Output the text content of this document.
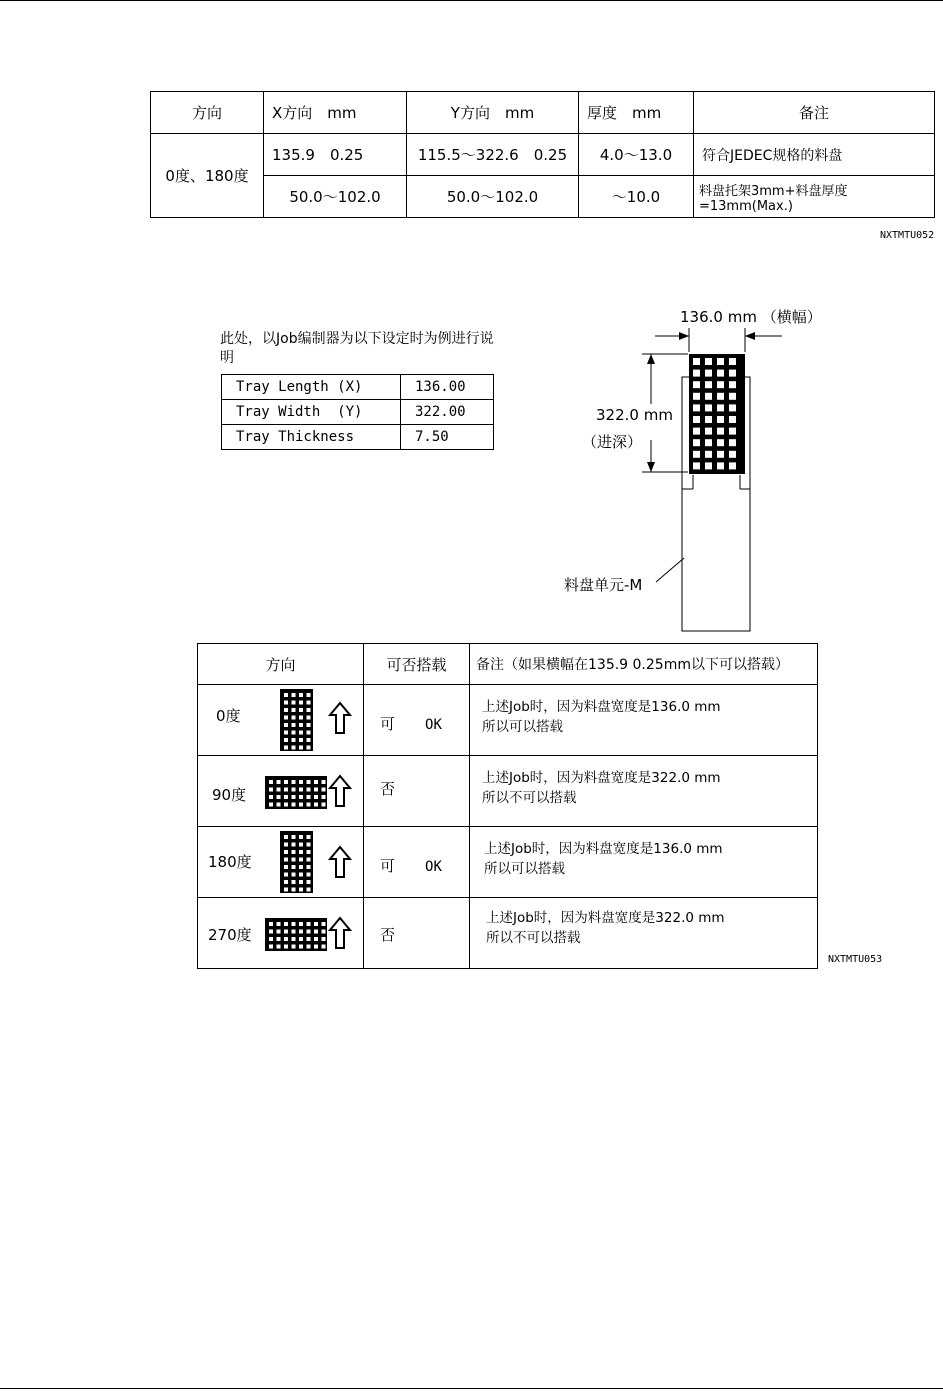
方向	X方向　mm	Y方向　mm	厚度　mm	备注
0度、180度	135.9　0.25	115.5～322.6　0.25	4.0～13.0	符合JEDEC规格的料盘
	50.0～102.0	50.0～102.0	～10.0	料盘托架3mm+料盘厚度=13mm(Max.)
NXTMTU052
此处，以Job编制器为以下设定时为例进行说明
Tray Length (X)	136.00
Tray Width  (Y)	322.00
Tray Thickness	7.50
136.0 mm （横幅）
322.0 mm
（进深）
料盘单元-M
方向	可否搭载	备注（如果横幅在135.9 0.25mm以下可以搭载）

0度	可 OK	上述Job时，因为料盘宽度是136.0 mm
所以可以搭载

90度	否	上述Job时，因为料盘宽度是322.0 mm
所以不可以搭载

180度	可 OK	上述Job时，因为料盘宽度是136.0 mm
所以可以搭载

270度	否	上述Job时，因为料盘宽度是322.0 mm
所以不可以搭载
NXTMTU053
